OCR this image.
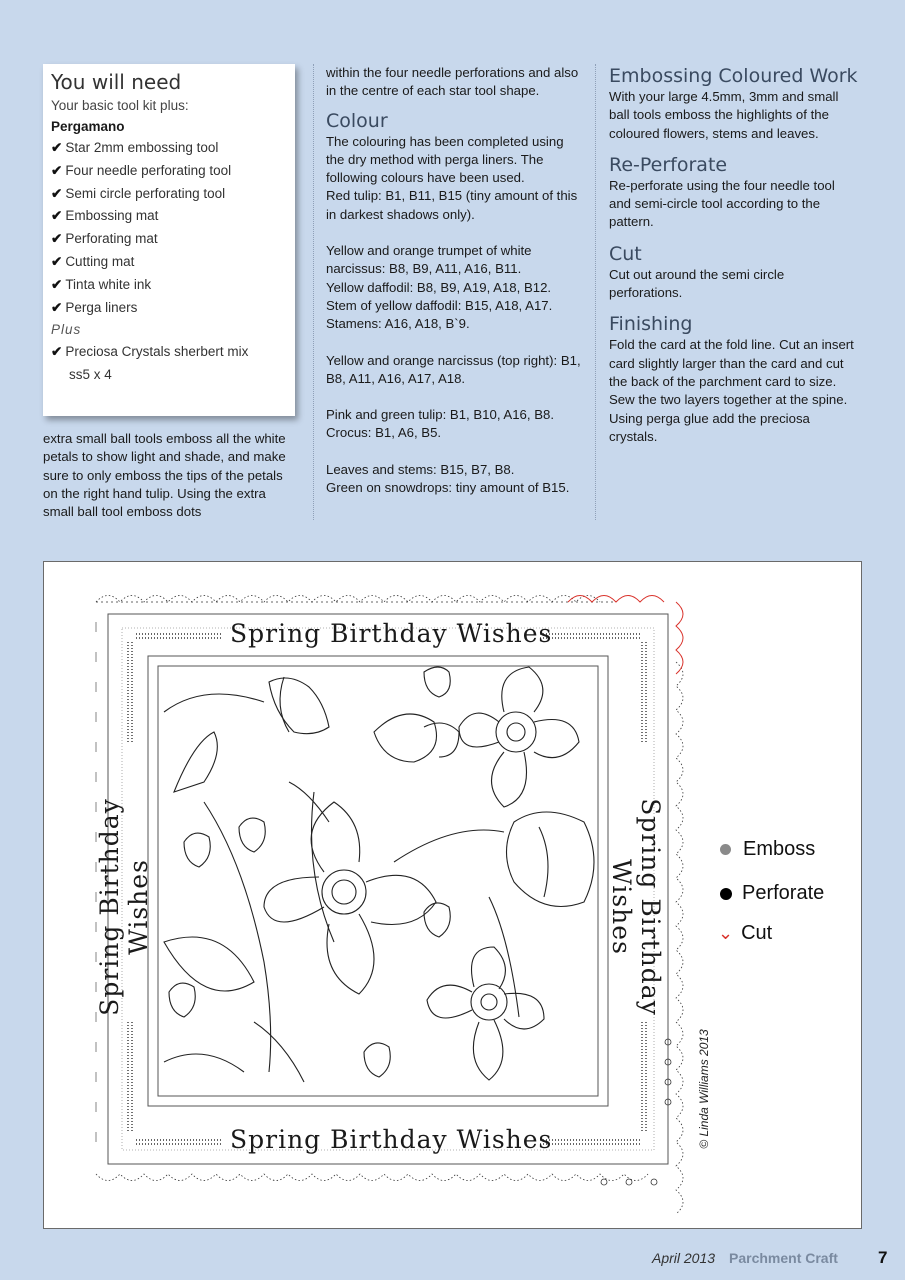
You will need
Your basic tool kit plus:
Pergamano
✔ Star 2mm embossing tool
✔ Four needle perforating tool
✔ Semi circle perforating tool
✔ Embossing mat
✔ Perforating mat
✔ Cutting mat
✔ Tinta white ink
✔ Perga liners
Plus
✔ Preciosa Crystals sherbert mix
ss5 x 4

extra small ball tools emboss all the white petals to show light and shade, and make sure to only emboss the tips of the petals on the right hand tulip. Using the extra small ball tool emboss dots

within the four needle perforations and also in the centre of each star tool shape.

Colour

The colouring has been completed using the dry method with perga liners. The following colours have been used.

Red tulip: B1, B11, B15 (tiny amount of this in darkest shadows only).

Yellow and orange trumpet of white narcissus: B8, B9, A11, A16, B11.

Yellow daffodil: B8, B9, A19, A18, B12.

Stem of yellow daffodil: B15, A18, A17.

Stamens: A16, A18, B`9.

Yellow and orange narcissus (top right): B1, B8, A11, A16, A17, A18.

Pink and green tulip: B1, B10, A16, B8.

Crocus: B1, A6, B5.

Leaves and stems: B15, B7, B8.

Green on snowdrops: tiny amount of B15.

Embossing Coloured Work

With your large 4.5mm, 3mm and small ball tools emboss the highlights of the coloured flowers, stems and leaves.

Re-Perforate

Re-perforate using the four needle tool and semi-circle tool according to the pattern.

Cut

Cut out around the semi circle perforations.

Finishing

Fold the card at the fold line. Cut an insert card slightly larger than the card and cut the back of the parchment card to size. Sew the two layers together at the spine. Using perga glue add the preciosa crystals.

Spring Birthday Wishes
Spring Birthday Wishes
Spring Birthday Wishes	Spring Birthday Wishes
© Linda Williams 2013
Emboss
Perforate
⌄ Cut
April 2013 Parchment Craft 7
